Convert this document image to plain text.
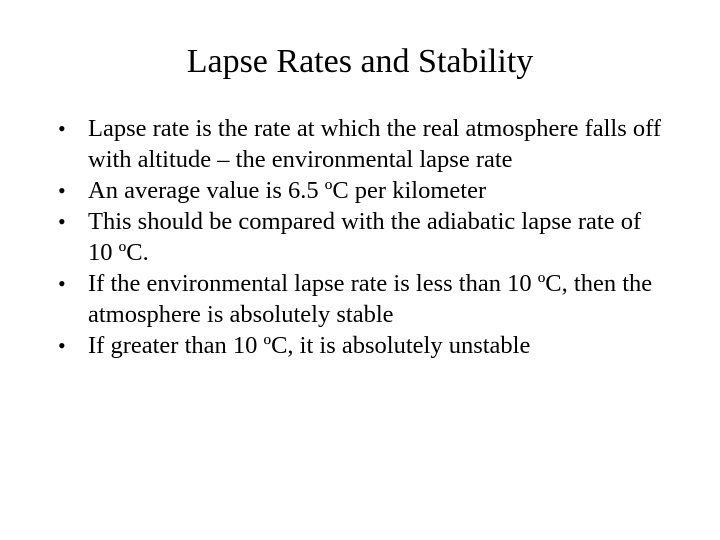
Lapse Rates and Stability
• Lapse rate is the rate at which the real atmosphere falls off with altitude – the environmental lapse rate
• An average value is 6.5 ºC per kilometer
• This should be compared with the adiabatic lapse rate of 10 ºC.
• If the environmental lapse rate is less than 10 ºC, then the atmosphere is absolutely stable
• If greater than 10 ºC, it is absolutely unstable
